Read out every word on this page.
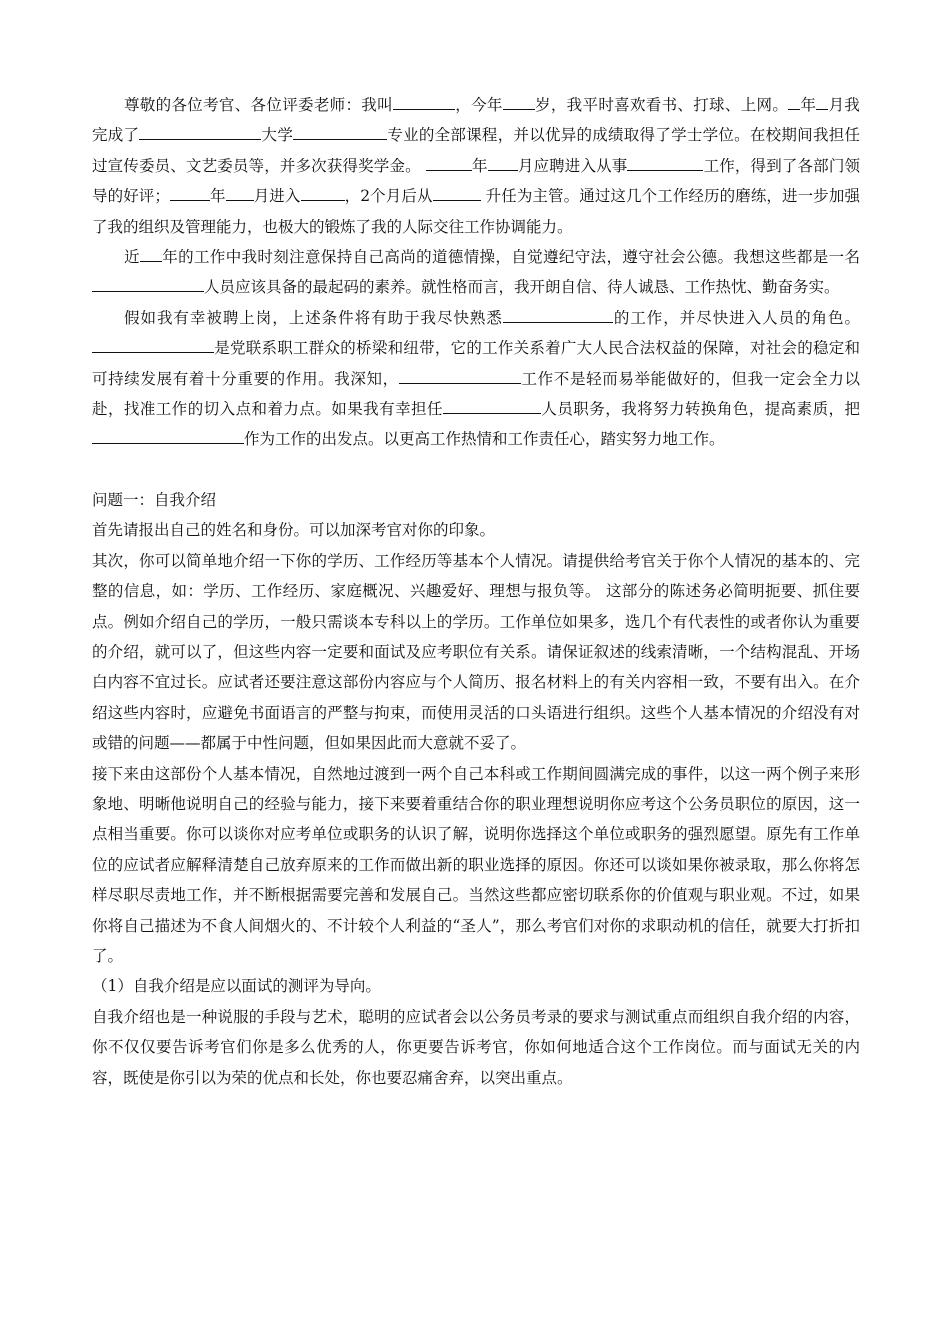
尊敬的各位考官、各位评委老师：我叫	，今年 岁，我平时喜欢看书、打球、上网。 年 月我完成了	大学	专业的全部课程，并以优异的成绩取得了学士学位。在校期间我担任过宣传委员、文艺委员等，并多次获得奖学金。	年 月应聘进入从事	工作，得到了各部门领导的好评；	年 月进入	，2个月后从	升任为主管。通过这几个工作经历的磨练，进一步加强了我的组织及管理能力，也极大的锻炼了我的人际交往工作协调能力。

近 年的工作中我时刻注意保持自己高尚的道德情操，自觉遵纪守法，遵守社会公德。我想这些都是一名人员应该具备的最起码的素养。就性格而言，我开朗自信、待人诚恳、工作热忱、勤奋务实。

假如我有幸被聘上岗，上述条件将有助于我尽快熟悉	的工作，并尽快进入人员的角色。是党联系职工群众的桥梁和纽带，它的工作关系着广大人民合法权益的保障，对社会的稳定和可持续发展有着十分重要的作用。我深知，	工作不是轻而易举能做好的，但我一定会全力以赴，找准工作的切入点和着力点。如果我有幸担任	人员职务，我将努力转换角色，提高素质，把作为工作的出发点。以更高工作热情和工作责任心，踏实努力地工作。

问题一：自我介绍

首先请报出自己的姓名和身份。可以加深考官对你的印象。

其次，你可以简单地介绍一下你的学历、工作经历等基本个人情况。请提供给考官关于你个人情况的基本的、完整的信息，如：学历、工作经历、家庭概况、兴趣爱好、理想与报负等。 这部分的陈述务必简明扼要、抓住要点。例如介绍自己的学历，一般只需谈本专科以上的学历。工作单位如果多，选几个有代表性的或者你认为重要的介绍，就可以了，但这些内容一定要和面试及应考职位有关系。请保证叙述的线索清晰，一个结构混乱、开场白内容不宜过长。应试者还要注意这部份内容应与个人简历、报名材料上的有关内容相一致，不要有出入。在介绍这些内容时，应避免书面语言的严整与拘束，而使用灵活的口头语进行组织。这些个人基本情况的介绍没有对或错的问题——都属于中性问题，但如果因此而大意就不妥了。

接下来由这部份个人基本情况，自然地过渡到一两个自己本科或工作期间圆满完成的事件，以这一两个例子来形象地、明晰他说明自己的经验与能力，接下来要着重结合你的职业理想说明你应考这个公务员职位的原因，这一点相当重要。你可以谈你对应考单位或职务的认识了解，说明你选择这个单位或职务的强烈愿望。原先有工作单位的应试者应解释清楚自己放弃原来的工作而做出新的职业选择的原因。你还可以谈如果你被录取，那么你将怎样尽职尽责地工作，并不断根据需要完善和发展自己。当然这些都应密切联系你的价值观与职业观。不过，如果你将自己描述为不食人间烟火的、不计较个人利益的“圣人”，那么考官们对你的求职动机的信任，就要大打折扣了。

（1）自我介绍是应以面试的测评为导向。

自我介绍也是一种说服的手段与艺术，聪明的应试者会以公务员考录的要求与测试重点而组织自我介绍的内容， 你不仅仅要告诉考官们你是多么优秀的人，你更要告诉考官，你如何地适合这个工作岗位。而与面试无关的内容，既使是你引以为荣的优点和长处，你也要忍痛舍弃，以突出重点。
